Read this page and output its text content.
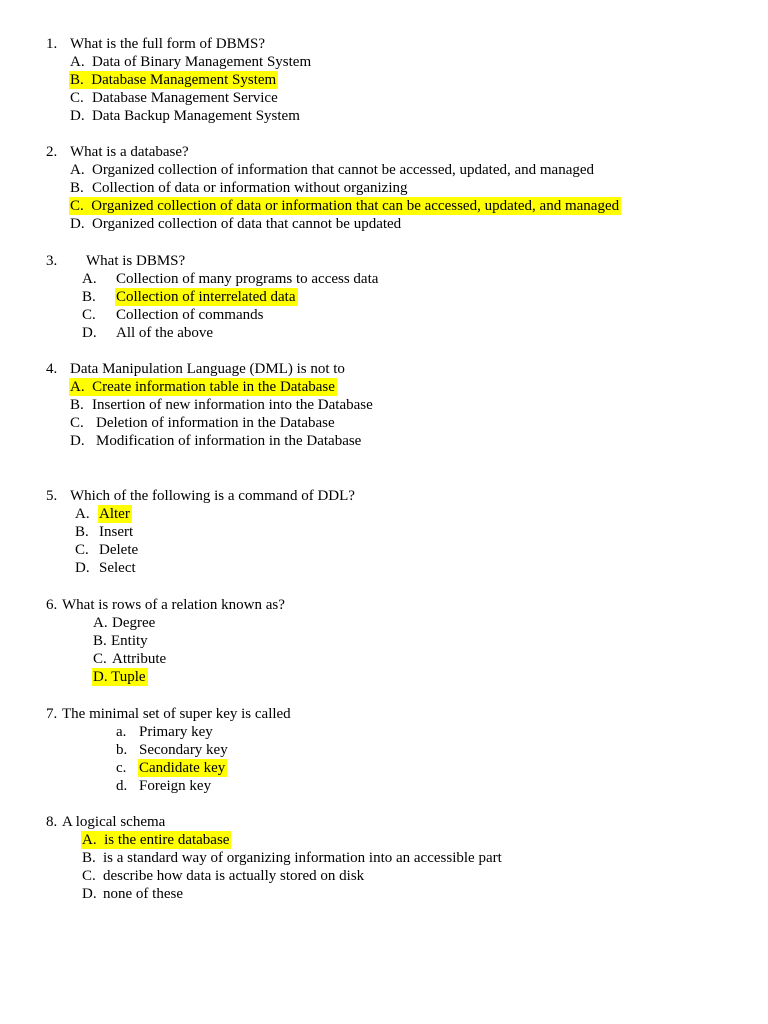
1. What is the full form of DBMS?
A. Data of Binary Management System
B. Database Management System
C. Database Management Service
D. Data Backup Management System
2. What is a database?
A. Organized collection of information that cannot be accessed, updated, and managed
B. Collection of data or information without organizing
C. Organized collection of data or information that can be accessed, updated, and managed
D. Organized collection of data that cannot be updated
3. What is DBMS?
A. Collection of many programs to access data
B. Collection of interrelated data
C. Collection of commands
D. All of the above
4. Data Manipulation Language (DML) is not to
A. Create information table in the Database
B. Insertion of new information into the Database
C. Deletion of information in the Database
D. Modification of information in the Database
5. Which of the following is a command of DDL?
A. Alter
B. Insert
C. Delete
D. Select
6. What is rows of a relation known as?
A. Degree
B. Entity
C. Attribute
D. Tuple
7. The minimal set of super key is called
a. Primary key
b. Secondary key
c. Candidate key
d. Foreign key
8. A logical schema
A. is the entire database
B. is a standard way of organizing information into an accessible part
C. describe how data is actually stored on disk
D. none of these
